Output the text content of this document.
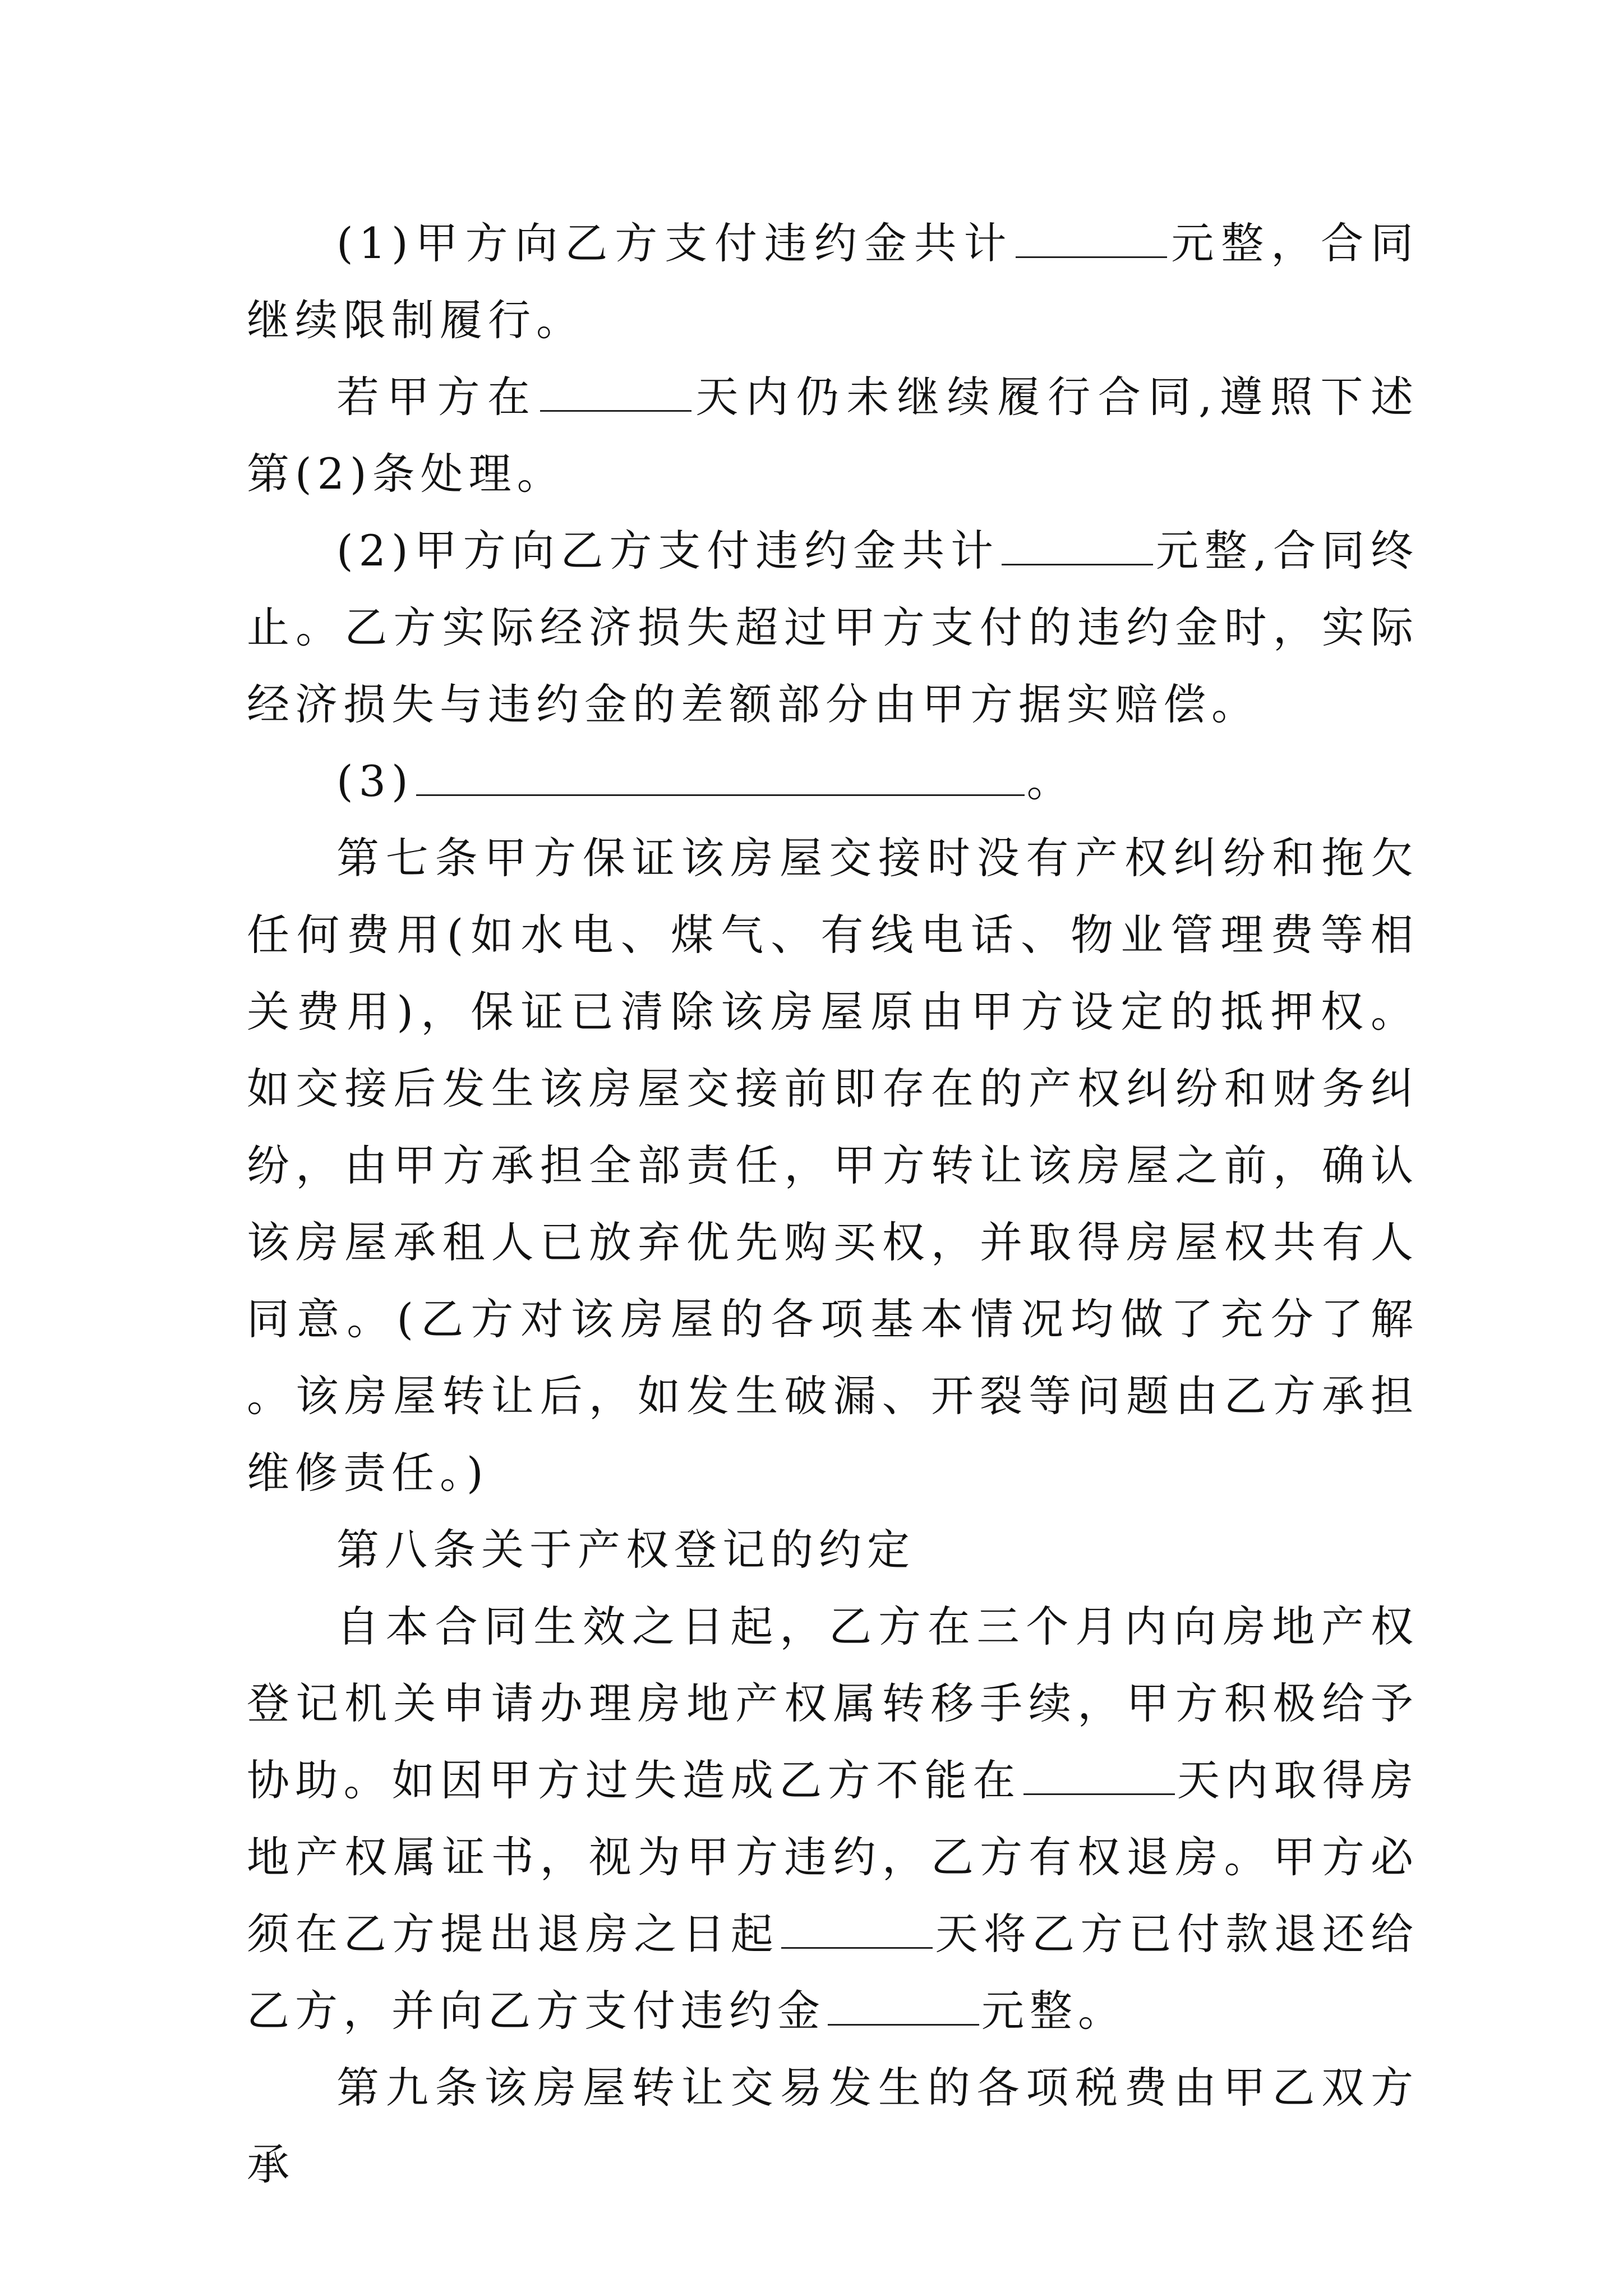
(1)甲方向乙方支付违约金共计	元整，合同继续限制履行。

若甲方在	天内仍未继续履行合同,遵照下述第(2)条处理。

(2)甲方向乙方支付违约金共计	元整,合同终止。乙方实际经济损失超过甲方支付的违约金时，实际经济损失与违约金的差额部分由甲方据实赔偿。

(3)	。

第七条甲方保证该房屋交接时没有产权纠纷和拖欠任何费用(如水电、煤气、有线电话、物业管理费等相关费用)，保证已清除该房屋原由甲方设定的抵押权。如交接后发生该房屋交接前即存在的产权纠纷和财务纠纷，由甲方承担全部责任，甲方转让该房屋之前，确认该房屋承租人已放弃优先购买权，并取得房屋权共有人同意。(乙方对该房屋的各项基本情况均做了充分了解。该房屋转让后，如发生破漏、开裂等问题由乙方承担维修责任。)

第八条关于产权登记的约定

自本合同生效之日起，乙方在三个月内向房地产权登记机关申请办理房地产权属转移手续，甲方积极给予协助。如因甲方过失造成乙方不能在	天内取得房地产权属证书，视为甲方违约，乙方有权退房。甲方必须在乙方提出退房之日起	天将乙方已付款退还给乙方，并向乙方支付违约金	元整。

第九条该房屋转让交易发生的各项税费由甲乙双方承
